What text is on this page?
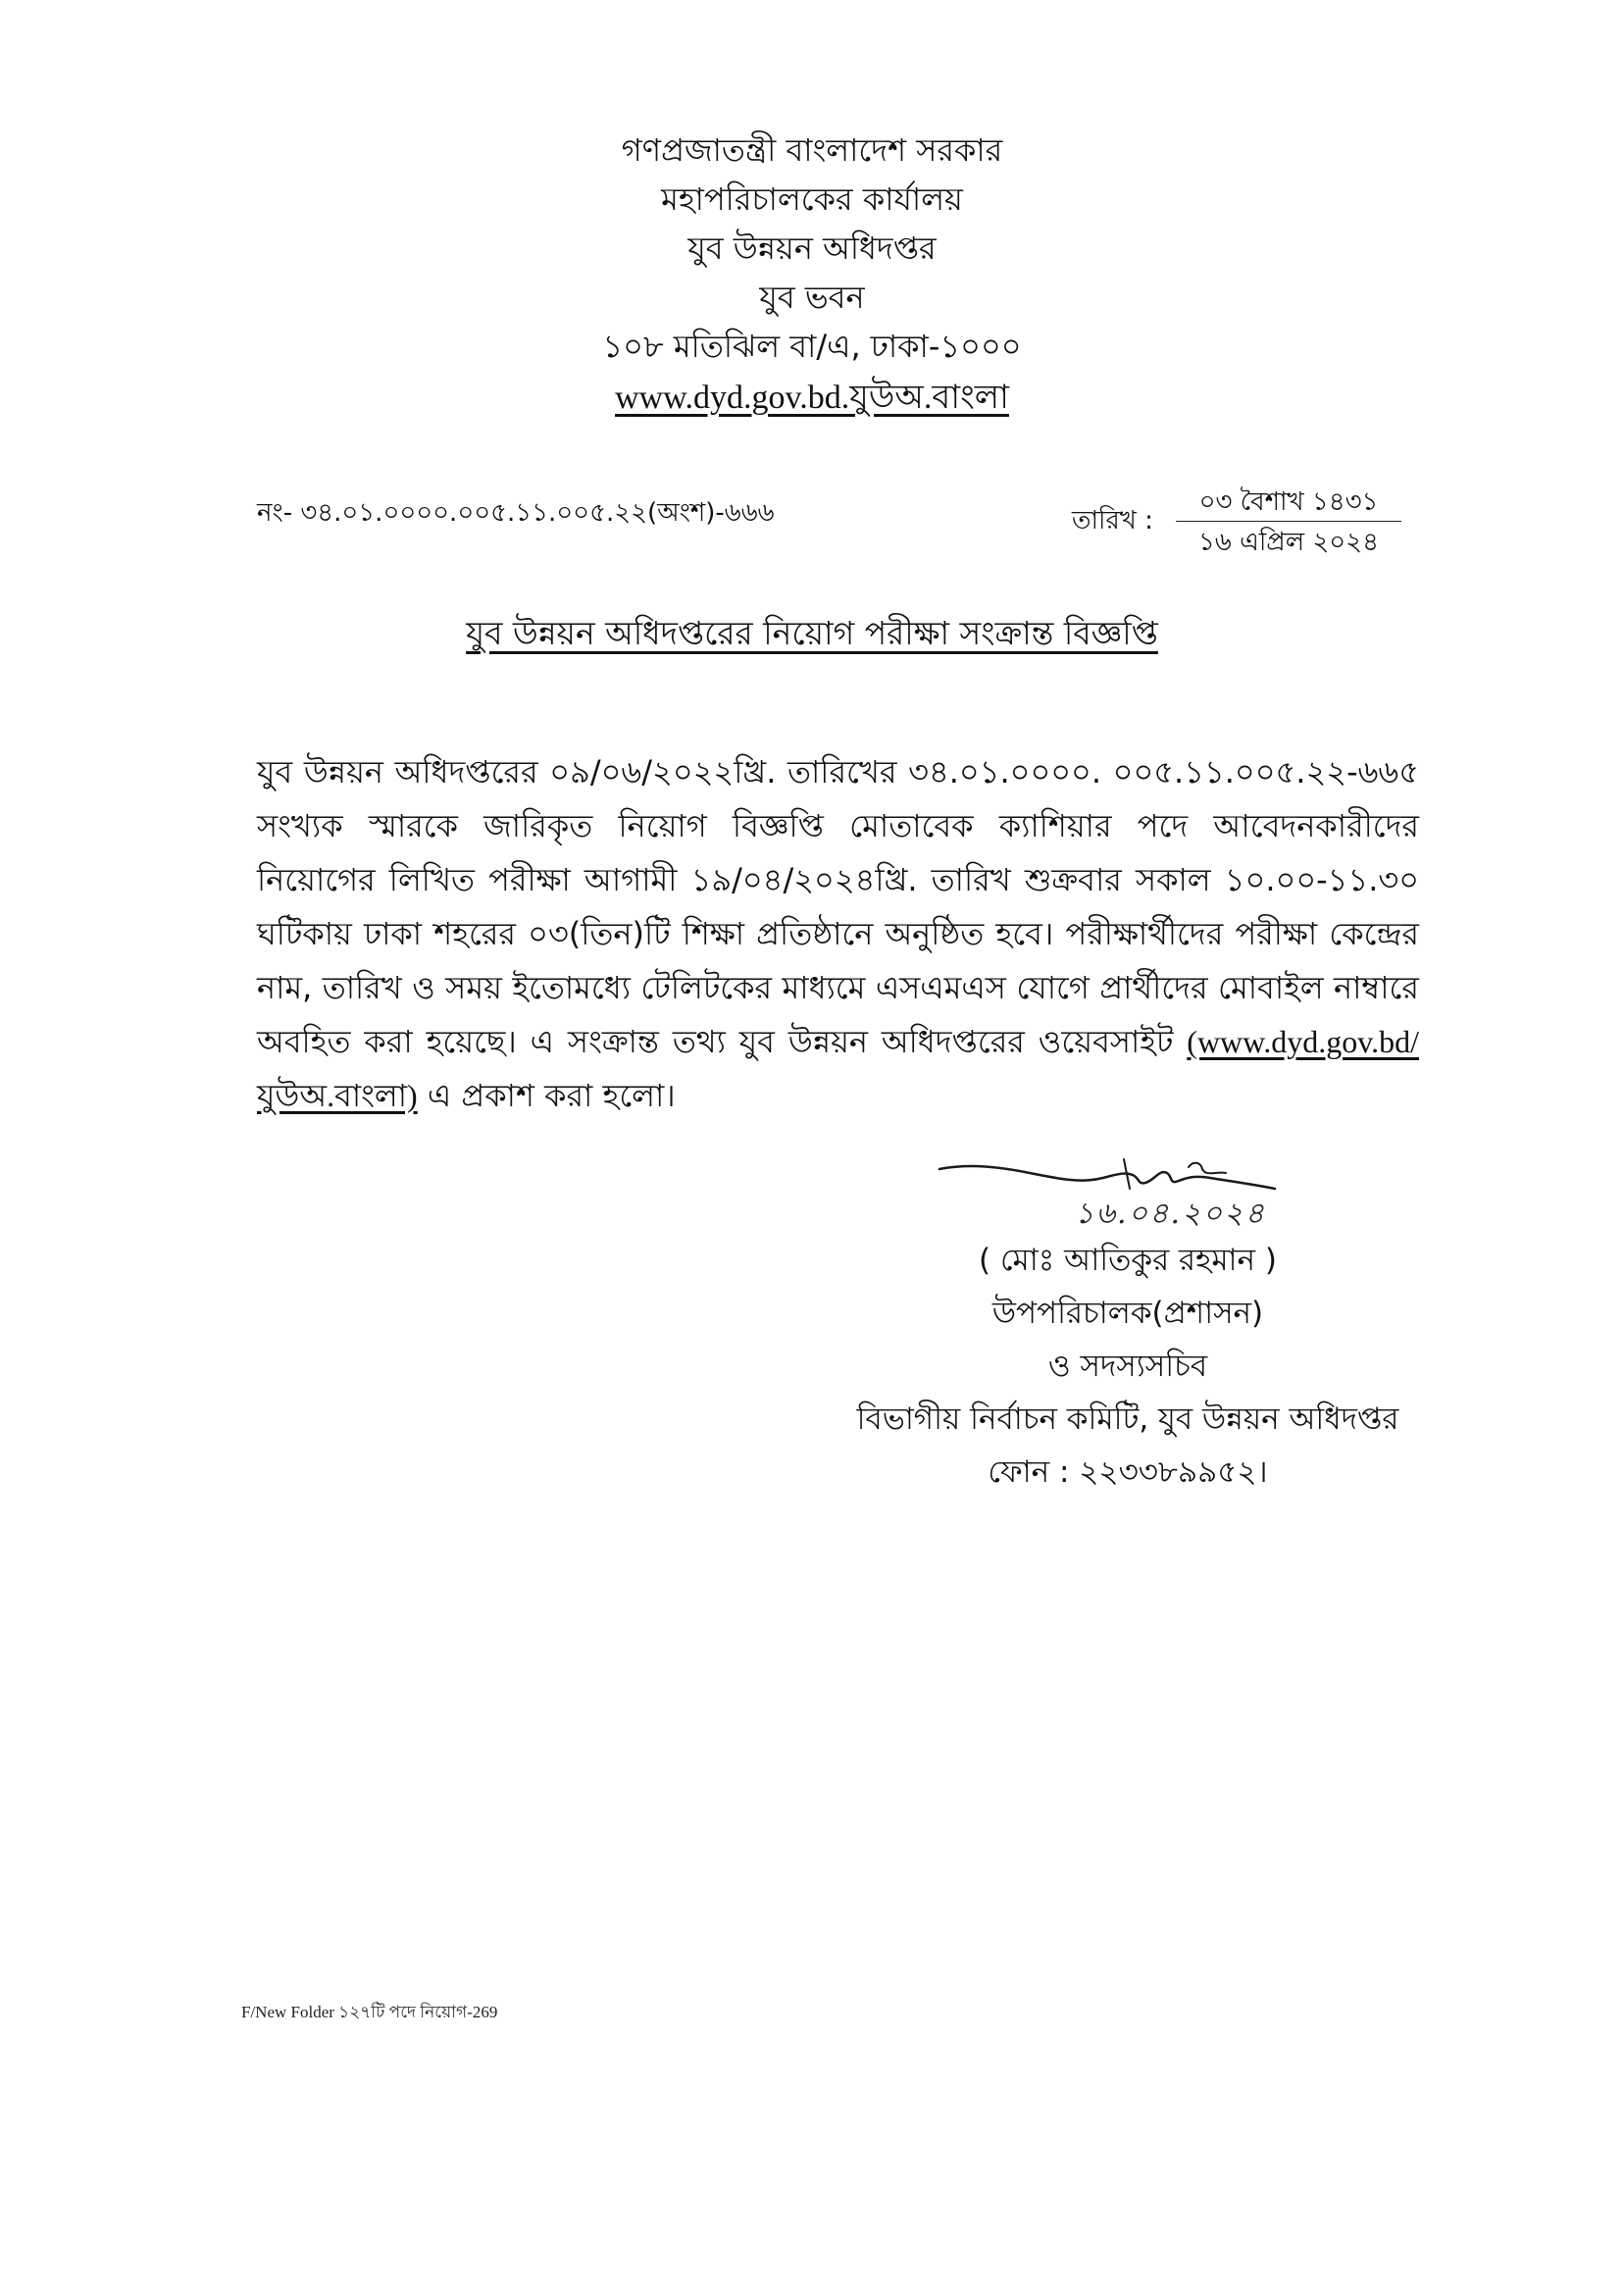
গণপ্রজাতন্ত্রী বাংলাদেশ সরকার
মহাপরিচালকের কার্যালয়
যুব উন্নয়ন অধিদপ্তর
যুব ভবন
১০৮ মতিঝিল বা/এ, ঢাকা-১০০০
www.dyd.gov.bd.যুউঅ.বাংলা
নং- ৩৪.০১.০০০০.০০৫.১১.০০৫.২২(অংশ)-৬৬৬	তারিখ :
০৩ বৈশাখ ১৪৩১
১৬ এপ্রিল ২০২৪
যুব উন্নয়ন অধিদপ্তরের নিয়োগ পরীক্ষা সংক্রান্ত বিজ্ঞপ্তি
যুব উন্নয়ন অধিদপ্তরের ০৯/০৬/২০২২খ্রি. তারিখের ৩৪.০১.০০০০. ০০৫.১১.০০৫.২২-৬৬৫ সংখ্যক স্মারকে জারিকৃত নিয়োগ বিজ্ঞপ্তি মোতাবেক ক্যাশিয়ার পদে আবেদনকারীদের নিয়োগের লিখিত পরীক্ষা আগামী ১৯/০৪/২০২৪খ্রি. তারিখ শুক্রবার সকাল ১০.০০-১১.৩০ ঘটিকায় ঢাকা শহরের ০৩(তিন)টি শিক্ষা প্রতিষ্ঠানে অনুষ্ঠিত হবে। পরীক্ষার্থীদের পরীক্ষা কেন্দ্রের নাম, তারিখ ও সময় ইতোমধ্যে টেলিটকের মাধ্যমে এসএমএস যোগে প্রার্থীদের মোবাইল নাম্বারে অবহিত করা হয়েছে। এ সংক্রান্ত তথ্য যুব উন্নয়ন অধিদপ্তরের ওয়েবসাইট (www.dyd.gov.bd/ যুউঅ.বাংলা) এ প্রকাশ করা হলো।
১৬.০৪.২০২৪
( মোঃ আতিকুর রহমান )
উপপরিচালক(প্রশাসন)
ও সদস্যসচিব
বিভাগীয় নির্বাচন কমিটি, যুব উন্নয়ন অধিদপ্তর
ফোন : ২২৩৩৮৯৯৫২।
F/New Folder ১২৭টি পদে নিয়োগ-269
